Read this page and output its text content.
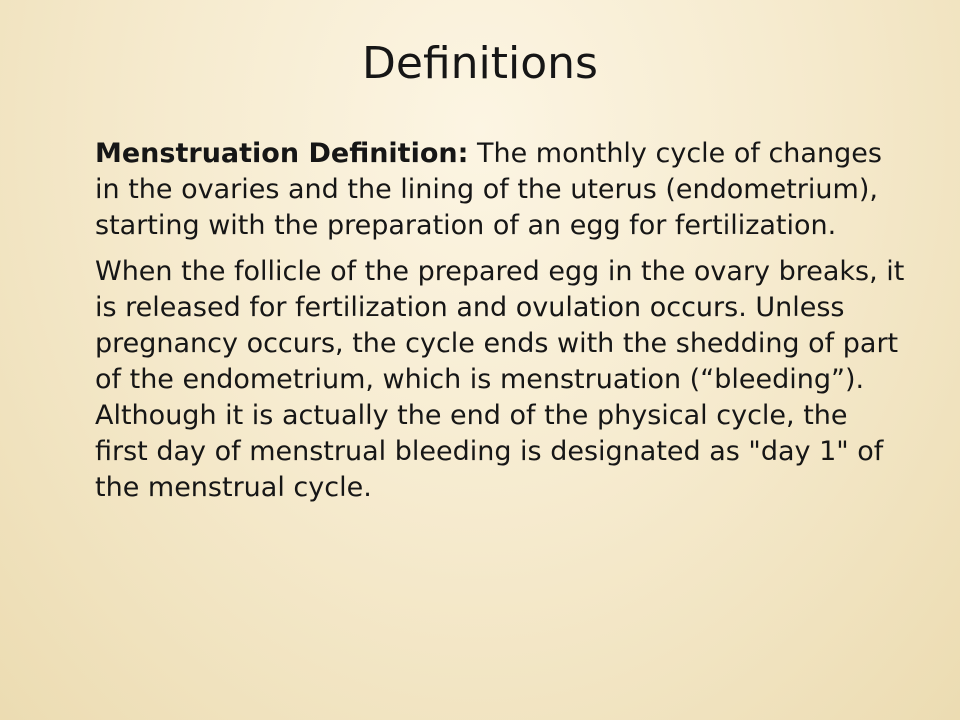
Definitions

Menstruation Definition: The monthly cycle of changes in the ovaries and the lining of the uterus (endometrium), starting with the preparation of an egg for fertilization.

When the follicle of the prepared egg in the ovary breaks, it is released for fertilization and ovulation occurs. Unless pregnancy occurs, the cycle ends with the shedding of part of the endometrium, which is menstruation (“bleeding”). Although it is actually the end of the physical cycle, the first day of menstrual bleeding is designated as "day 1" of the menstrual cycle.
